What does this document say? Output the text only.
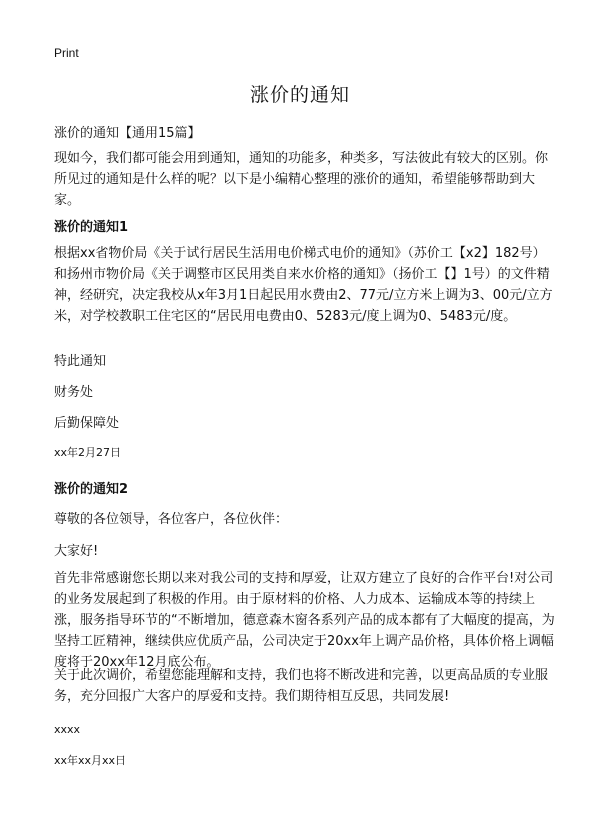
Print
涨价的通知
涨价的通知【通用15篇】
现如今，我们都可能会用到通知，通知的功能多，种类多，写法彼此有较大的区别。你所见过的通知是什么样的呢？以下是小编精心整理的涨价的通知，希望能够帮助到大家。
涨价的通知1
根据xx省物价局《关于试行居民生活用电价梯式电价的通知》（苏价工【x2】182号）和扬州市物价局《关于调整市区民用类自来水价格的通知》（扬价工【】1号）的文件精神，经研究，决定我校从x年3月1日起民用水费由2、77元/立方米上调为3、00元/立方米，对学校教职工住宅区的“居民用电费由0、5283元/度上调为0、5483元/度。
特此通知
财务处
后勤保障处
xx年2月27日
涨价的通知2
尊敬的各位领导，各位客户，各位伙伴：
大家好!
首先非常感谢您长期以来对我公司的支持和厚爱，让双方建立了良好的合作平台!对公司的业务发展起到了积极的作用。由于原材料的价格、人力成本、运输成本等的持续上涨，服务指导环节的“不断增加，德意森木窗各系列产品的成本都有了大幅度的提高，为坚持工匠精神，继续供应优质产品，公司决定于20xx年上调产品价格，具体价格上调幅度将于20xx年12月底公布。
关于此次调价，希望您能理解和支持，我们也将不断改进和完善，以更高品质的专业服务，充分回报广大客户的厚爱和支持。我们期待相互反思，共同发展!
xxxx
xx年xx月xx日
